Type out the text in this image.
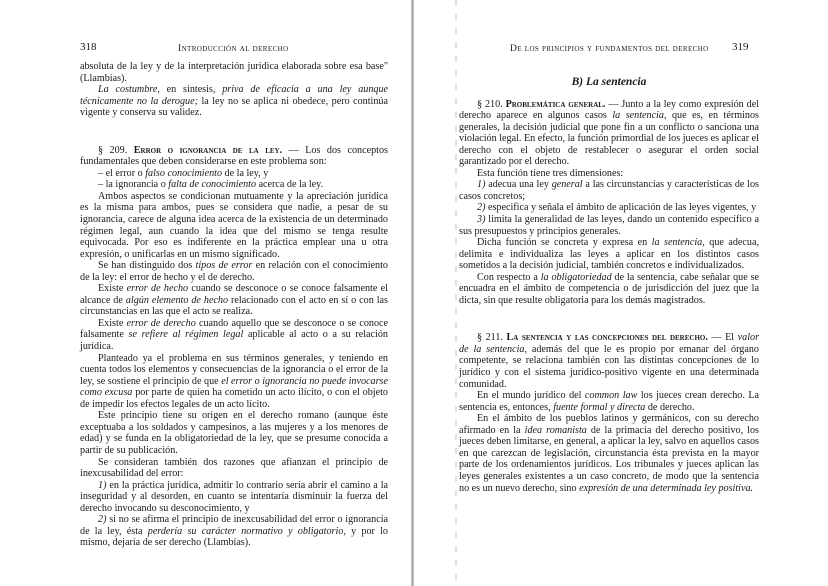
318	Introducción al derecho

absoluta de la ley y de la interpretación jurídica elaborada sobre esa base" (Llambías).

La costumbre, en síntesis, priva de eficacia a una ley aunque técnicamente no la derogue; la ley no se aplica ni obedece, pero continúa vigente y conserva su validez.

§ 209. Error o ignorancia de la ley. — Los dos conceptos fundamentales que deben considerarse en este problema son:

– el error o falso conocimiento de la ley, y

– la ignorancia o falta de conocimiento acerca de la ley.

Ambos aspectos se condicionan mutuamente y la apreciación jurídica es la misma para ambos, pues se considera que nadie, a pesar de su ignorancia, carece de alguna idea acerca de la existencia de un determinado régimen legal, aun cuando la idea que del mismo se tenga resulte equivocada. Por eso es indiferente en la práctica emplear una u otra expresión, o unificarlas en un mismo significado.

Se han distinguido dos tipos de error en relación con el conocimiento de la ley: el error de hecho y el de derecho.

Existe error de hecho cuando se desconoce o se conoce falsamente el alcance de algún elemento de hecho relacionado con el acto en sí o con las circunstancias en las que el acto se realiza.

Existe error de derecho cuando aquello que se desconoce o se conoce falsamente se refiere al régimen legal aplicable al acto o a su relación jurídica.

Planteado ya el problema en sus términos generales, y teniendo en cuenta todos los elementos y consecuencias de la ignorancia o el error de la ley, se sostiene el principio de que el error o ignorancia no puede invocarse como excusa por parte de quien ha cometido un acto ilícito, o con el objeto de impedir los efectos legales de un acto lícito.

Este principio tiene su origen en el derecho romano (aunque éste exceptuaba a los soldados y campesinos, a las mujeres y a los menores de edad) y se funda en la obligatoriedad de la ley, que se presume conocida a partir de su publicación.

Se consideran también dos razones que afianzan el principio de inexcusabilidad del error:

1) en la práctica jurídica, admitir lo contrario sería abrir el camino a la inseguridad y al desorden, en cuanto se intentaría disminuir la fuerza del derecho invocando su desconocimiento, y

2) si no se afirma el principio de inexcusabilidad del error o ignorancia de la ley, ésta perdería su carácter normativo y obligatorio, y por lo mismo, dejaría de ser derecho (Llambías).

De los principios y fundamentos del derecho 319

B) La sentencia

§ 210. Problemática general. — Junto a la ley como expresión del derecho aparece en algunos casos la sentencia, que es, en términos generales, la decisión judicial que pone fin a un conflicto o sanciona una violación legal. En efecto, la función primordial de los jueces es aplicar el derecho con el objeto de restablecer o asegurar el orden social garantizado por el derecho.

Esta función tiene tres dimensiones:

1) adecua una ley general a las circunstancias y características de los casos concretos;

2) especifica y señala el ámbito de aplicación de las leyes vigentes, y

3) limita la generalidad de las leyes, dando un contenido específico a sus presupuestos y principios generales.

Dicha función se concreta y expresa en la sentencia, que adecua, delimita e individualiza las leyes a aplicar en los distintos casos sometidos a la decisión judicial, también concretos e individualizados.

Con respecto a la obligatoriedad de la sentencia, cabe señalar que se encuadra en el ámbito de competencia o de jurisdicción del juez que la dicta, sin que resulte obligatoria para los demás magistrados.

§ 211. La sentencia y las concepciones del derecho. — El valor de la sentencia, además del que le es propio por emanar del órgano competente, se relaciona también con las distintas concepciones de lo jurídico y con el sistema jurídico-positivo vigente en una determinada comunidad.

En el mundo jurídico del common law los jueces crean derecho. La sentencia es, entonces, fuente formal y directa de derecho.

En el ámbito de los pueblos latinos y germánicos, con su derecho afirmado en la idea romanista de la primacía del derecho positivo, los jueces deben limitarse, en general, a aplicar la ley, salvo en aquellos casos en que carezcan de legislación, circunstancia ésta prevista en la mayor parte de los ordenamientos jurídicos. Los tribunales y jueces aplican las leyes generales existentes a un caso concreto, de modo que la sentencia no es un nuevo derecho, sino expresión de una determinada ley positiva.
